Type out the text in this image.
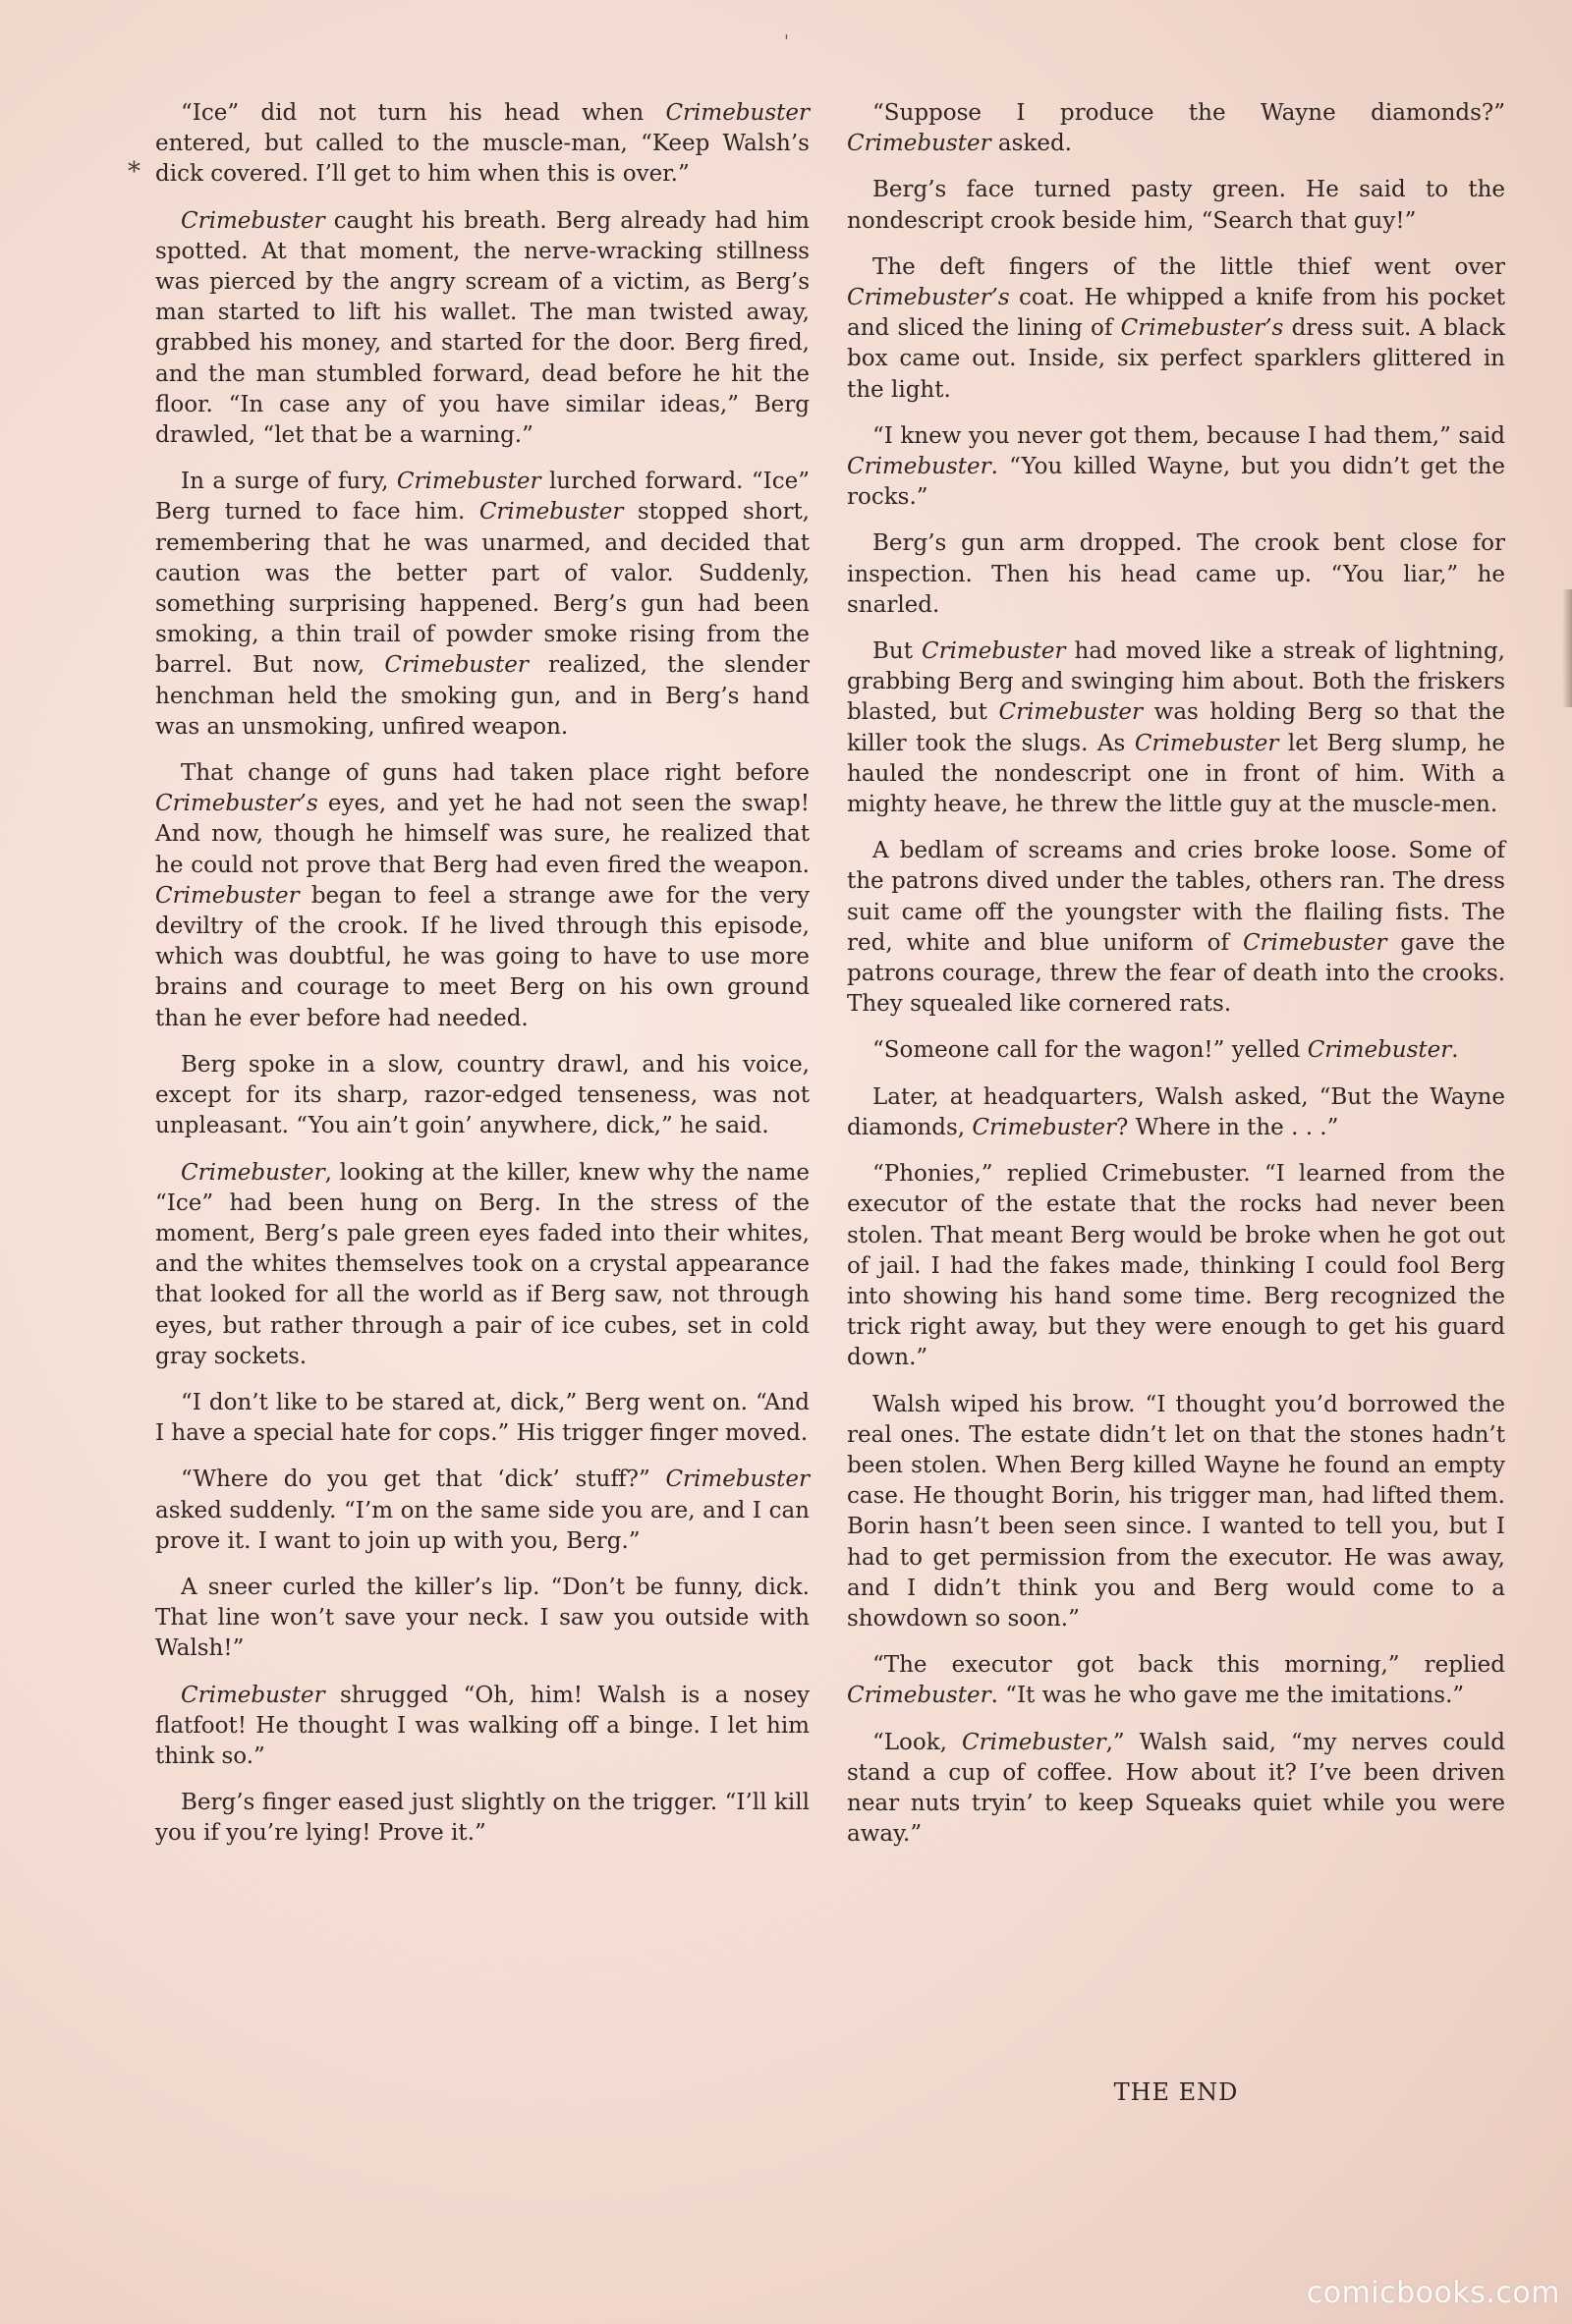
'
*

“Ice” did not turn his head when Crimebuster entered, but called to the muscle-man, “Keep Walsh’s dick covered. I’ll get to him when this is over.”

Crimebuster caught his breath. Berg already had him spotted. At that moment, the nerve-wracking stillness was pierced by the angry scream of a victim, as Berg’s man started to lift his wallet. The man twisted away, grabbed his money, and started for the door. Berg fired, and the man stumbled forward, dead before he hit the floor. “In case any of you have similar ideas,” Berg drawled, “let that be a warning.”

In a surge of fury, Crimebuster lurched forward. “Ice” Berg turned to face him. Crimebuster stopped short, remembering that he was unarmed, and decided that caution was the better part of valor. Suddenly, something surprising happened. Berg’s gun had been smoking, a thin trail of powder smoke rising from the barrel. But now, Crimebuster realized, the slender henchman held the smoking gun, and in Berg’s hand was an unsmoking, unfired weapon.

That change of guns had taken place right before Crimebuster’s eyes, and yet he had not seen the swap! And now, though he himself was sure, he realized that he could not prove that Berg had even fired the weapon. Crimebuster began to feel a strange awe for the very deviltry of the crook. If he lived through this episode, which was doubtful, he was going to have to use more brains and courage to meet Berg on his own ground than he ever before had needed.

Berg spoke in a slow, country drawl, and his voice, except for its sharp, razor-edged tenseness, was not unpleasant. “You ain’t goin’ anywhere, dick,” he said.

Crimebuster, looking at the killer, knew why the name “Ice” had been hung on Berg. In the stress of the moment, Berg’s pale green eyes faded into their whites, and the whites themselves took on a crystal appearance that looked for all the world as if Berg saw, not through eyes, but rather through a pair of ice cubes, set in cold gray sockets.

“I don’t like to be stared at, dick,” Berg went on. “And I have a special hate for cops.” His trigger finger moved.

“Where do you get that ‘dick’ stuff?” Crimebuster asked suddenly. “I’m on the same side you are, and I can prove it. I want to join up with you, Berg.”

A sneer curled the killer’s lip. “Don’t be funny, dick. That line won’t save your neck. I saw you outside with Walsh!”

Crimebuster shrugged “Oh, him! Walsh is a nosey flatfoot! He thought I was walking off a binge. I let him think so.”

Berg’s finger eased just slightly on the trigger. “I’ll kill you if you’re lying! Prove it.”

“Suppose I produce the Wayne diamonds?” Crimebuster asked.

Berg’s face turned pasty green. He said to the nondescript crook beside him, “Search that guy!”

The deft fingers of the little thief went over Crimebuster’s coat. He whipped a knife from his pocket and sliced the lining of Crimebuster’s dress suit. A black box came out. Inside, six perfect sparklers glittered in the light.

“I knew you never got them, because I had them,” said Crimebuster. “You killed Wayne, but you didn’t get the rocks.”

Berg’s gun arm dropped. The crook bent close for inspection. Then his head came up. “You liar,” he snarled.

But Crimebuster had moved like a streak of lightning, grabbing Berg and swinging him about. Both the friskers blasted, but Crimebuster was holding Berg so that the killer took the slugs. As Crimebuster let Berg slump, he hauled the nondescript one in front of him. With a mighty heave, he threw the little guy at the muscle-men.

A bedlam of screams and cries broke loose. Some of the patrons dived under the tables, others ran. The dress suit came off the youngster with the flailing fists. The red, white and blue uniform of Crimebuster gave the patrons courage, threw the fear of death into the crooks. They squealed like cornered rats.

“Someone call for the wagon!” yelled Crimebuster.

Later, at headquarters, Walsh asked, “But the Wayne diamonds, Crimebuster? Where in the . . .”

“Phonies,” replied Crimebuster. “I learned from the executor of the estate that the rocks had never been stolen. That meant Berg would be broke when he got out of jail. I had the fakes made, thinking I could fool Berg into showing his hand some time. Berg recognized the trick right away, but they were enough to get his guard down.”

Walsh wiped his brow. “I thought you’d borrowed the real ones. The estate didn’t let on that the stones hadn’t been stolen. When Berg killed Wayne he found an empty case. He thought Borin, his trigger man, had lifted them. Borin hasn’t been seen since. I wanted to tell you, but I had to get permission from the executor. He was away, and I didn’t think you and Berg would come to a showdown so soon.”

“The executor got back this morning,” replied Crimebuster. “It was he who gave me the imitations.”

“Look, Crimebuster,” Walsh said, “my nerves could stand a cup of coffee. How about it? I’ve been driven near nuts tryin’ to keep Squeaks quiet while you were away.”

THE END
comicbooks.com
